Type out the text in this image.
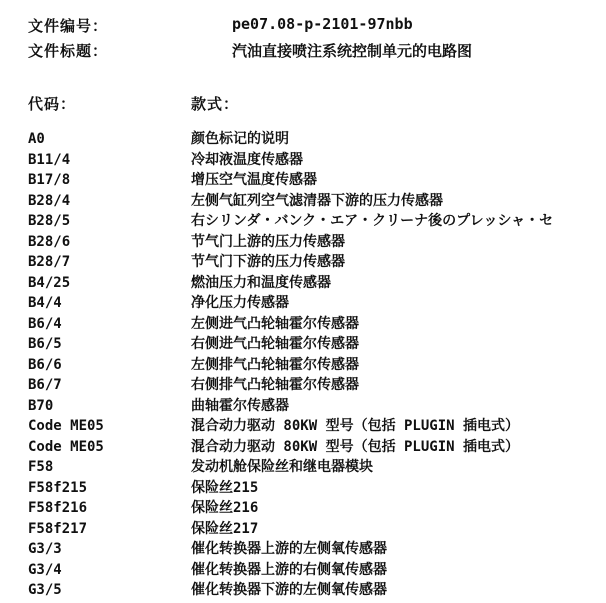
文件编号：	pe07.08-p-2101-97nbb
文件标题：	汽油直接喷注系统控制单元的电路图
代码：	款式：
A0	颜色标记的说明
B11/4	冷却液温度传感器
B17/8	增压空气温度传感器
B28/4	左侧气缸列空气滤清器下游的压力传感器
B28/5	右シリンダ・バンク・エア・クリーナ後のプレッシャ・セ
B28/6	节气门上游的压力传感器
B28/7	节气门下游的压力传感器
B4/25	燃油压力和温度传感器
B4/4	净化压力传感器
B6/4	左侧进气凸轮轴霍尔传感器
B6/5	右侧进气凸轮轴霍尔传感器
B6/6	左侧排气凸轮轴霍尔传感器
B6/7	右侧排气凸轮轴霍尔传感器
B70	曲轴霍尔传感器
Code ME05	混合动力驱动 80KW 型号（包括 PLUGIN 插电式）
Code ME05	混合动力驱动 80KW 型号（包括 PLUGIN 插电式）
F58	发动机舱保险丝和继电器模块
F58f215	保险丝215
F58f216	保险丝216
F58f217	保险丝217
G3/3	催化转换器上游的左侧氧传感器
G3/4	催化转换器上游的右侧氧传感器
G3/5	催化转换器下游的左侧氧传感器
